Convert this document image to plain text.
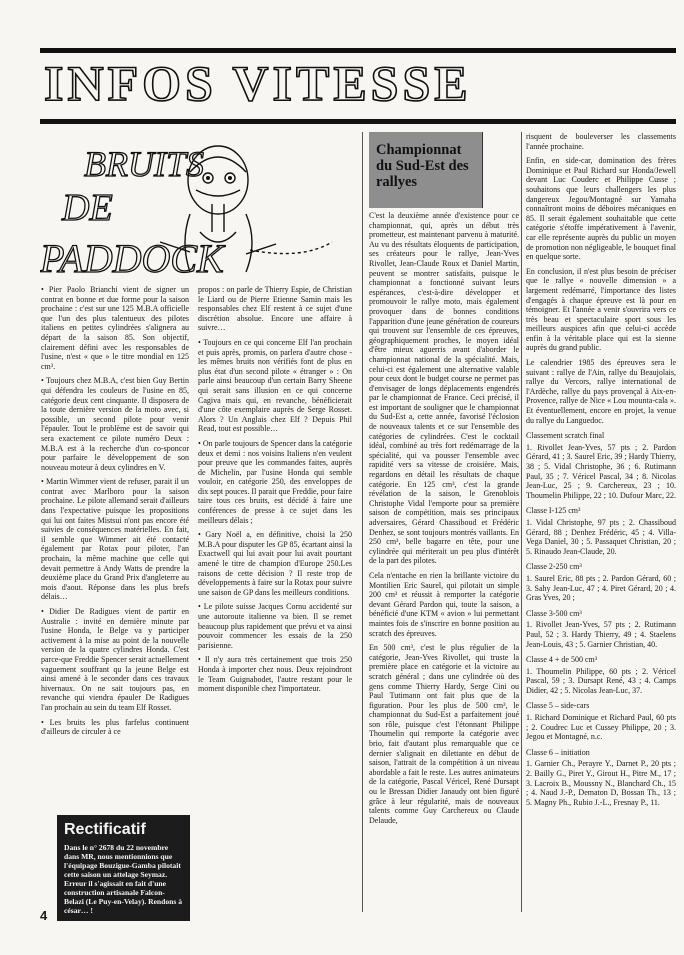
INFOS VITESSE
BRUITS
DE
PADDOCK

• Pier Paolo Brianchi vient de signer un contrat en bonne et due forme pour la saison prochaine : c'est sur une 125 M.B.A officielle que l'un des plus talentueux des pilotes italiens en petites cylindrées s'alignera au départ de la saison 85. Son objectif, clairement défini avec les responsables de l'usine, n'est « que » le titre mondial en 125 cm³.

• Toujours chez M.B.A, c'est bien Guy Bertin qui défendra les couleurs de l'usine en 85, catégorie deux cent cinquante. Il disposera de la toute dernière version de la moto avec, si possible, un second pilote pour venir l'épauler. Tout le problème est de savoir qui sera exactement ce pilote numéro Deux : M.B.A est à la recherche d'un co-sponcor pour parfaire le développement de son nouveau moteur à deux cylindres en V.

• Martin Wimmer vient de refuser, parait il un contrat avec Marlboro pour la saison prochaine. Le pilote allemand serait d'ailleurs dans l'expectative puisque les propositions qui lui ont faites Mistsui n'ont pas encore été suivies de conséquences matérielles. En fait, il semble que Wimmer ait été contacté également par Rotax pour piloter, l'an prochain, la même machine que celle qui devait permettre à Andy Watts de prendre la deuxième place du Grand Prix d'angleterre au mois d'aout. Réponse dans les plus brefs délais…

• Didier De Radigues vient de partir en Australie : invité en dernière minute par l'usine Honda, le Belge va y participer activement à la mise au point de la nouvelle version de la quatre cylindres Honda. C'est parce-que Freddie Spencer serait actuellement vaguement souffrant qu la jeune Belge est ainsi amené à le seconder dans ces travaux hivernaux. On ne sait toujours pas, en revanche qui viendra épauler De Radigues l'an prochain au sein du team Elf Rosset.

• Les bruits les plus farfelus continuent d'ailleurs de circuler à ce

Rectificatif

Dans le n° 2678 du 22 novembre dans MR, nous mentionnions que l'équipage Bouzigue-Gamba pilotait cette saison un attelage Seymaz. Erreur il s'agissait en fait d'une construction artisanale Falcon-Belazi (Le Puy-en-Velay). Rendons à césar… !

4

propos : on parle de Thierry Espie, de Christian le Liard ou de Pierre Etienne Samin mais les responsables chez Elf restent à ce sujet d'une discrétion absolue. Encore une affaire à suivre…

• Toujours en ce qui concerne Elf l'an prochain et puis après, promis, on parlera d'autre chose - les mêmes bruits non vérifiés font de plus en plus état d'un second pilote « étranger » : On parle ainsi beaucoup d'un certain Barry Sheene qui serait sans illusion en ce qui concerne Cagiva mais qui, en revanche, bénéficierait d'une côte exemplaire auprès de Serge Rosset. Alors ? Un Anglais chez Elf ? Depuis Phil Read, tout est possible…

• On parle toujours de Spencer dans la catégorie deux et demi : nos voisins Italiens n'en veulent pour preuve que les commandes faites, auprès de Michelin, par l'usine Honda qui semble vouloir, en catégorie 250, des enveloppes de dix sept pouces. Il parait que Freddie, pour faire taire tous ces bruits, est décidé à faire une conférences de presse à ce sujet dans les meilleurs délais ;

• Gary Noël a, en définitive, choisi la 250 M.B.A pour disputer les GP 85, écartant ainsi la Exactwell qui lui avait pour lui avait pourtant amené le titre de champion d'Europe 250.Les raisons de cette décision ? Il reste trop de développements à faire sur la Rotax pour suivre une saison de GP dans les meilleurs conditions.

• Le pilote suisse Jacques Cornu accidenté sur une autoroute italienne va bien. Il se remet beaucoup plus rapidement que prévu et va ainsi pouvoir commencer les essais de la 250 parisienne.

• Il n'y aura très certainement que trois 250 Honda à importer chez nous. Deux rejoindront le Team Guignabodet, l'autre restant pour le moment disponible chez l'importateur.

Championnat du Sud-Est des rallyes

C'est la deuxième année d'existence pour ce championnat, qui, après un début très prometteur, est maintenant parvenu à maturité. Au vu des résultats éloquents de participation, ses créateurs pour le rallye, Jean-Yves Rivollet, Jean-Claude Roux et Daniel Martin, peuvent se montrer satisfaits, puisque le championnat a fonctionné suivant leurs espérances, c'est-à-dire développer et promouvoir le rallye moto, mais également provoquer dans de bonnes conditions l'apparition d'une jeune génération de coureurs qui trouvent sur l'ensemble de ces épreuves, géographiquement proches, le moyen idéal d'être mieux aguerris avant d'aborder le championnat national de la spécialité. Mais, celui-ci est également une alternative valable pour ceux dont le budget course ne permet pas d'envisager de longs déplacements engendrés par le championnat de France. Ceci précisé, il est important de souligner que le championnat du Sud-Est a, cette année, favorisé l'éclosion de nouveaux talents et ce sur l'ensemble des catégories de cylindrées. C'est le cocktail idéal, combiné au très fort redémarrage de la spécialité, qui va pousser l'ensemble avec rapidité vers sa vitesse de croisière. Mais, regardons en détail les résultats de chaque catégorie. En 125 cm³, c'est la grande révélation de la saison, le Grenoblois Christophe Vidal l'emporte pour sa première saison de compétition, mais ses principaux adversaires, Gérard Chassiboud et Frédéric Denhez, se sont toujours montrés vaillants. En 250 cm³, belle bagarre en tête, pour une cylindrée qui mériterait un peu plus d'intérêt de la part des pilotes.

Cela n'entache en rien la brillante victoire du Montilien Eric Saurel, qui pilotait un simple 200 cm³ et réussit à remporter la catégorie devant Gérard Pardon qui, toute la saison, a bénéficié d'une KTM « avion » lui permettant maintes fois de s'inscrire en bonne position au scratch des épreuves.

En 500 cm³, c'est le plus régulier de la catégorie, Jean-Yves Rivollet, qui truste la première place en catégorie et la victoire au scratch général ; dans une cylindrée où des gens comme Thierry Hardy, Serge Cini ou Paul Tutimann ont fait plus que de la figuration. Pour les plus de 500 cm³, le championnat du Sud-Est a parfaitement joué son rôle, puisque c'est l'étonnant Philippe Thoumelin qui remporte la catégorie avec brio, fait d'autant plus remarquable que ce dernier s'alignait en dilettante en début de saison, l'attrait de la compétition à un niveau abordable a fait le reste. Les autres animateurs de la catégorie, Pascal Véricel, René Dursapt ou le Bressan Didier Janaudy ont bien figuré grâce à leur régularité, mais de nouveaux talents comme Guy Carchereux ou Claude Delaude,

risquent de bouleverser les classements l'année prochaine.

Enfin, en side-car, domination des frères Dominique et Paul Richard sur Honda/Jewell devant Luc Couderc et Philippe Cusse ; souhaitons que leurs challengers les plus dangereux Jegou/Montagné sur Yamaha connaîtront moins de déboires mécaniques en 85. Il serait également souhaitable que cette catégorie s'étoffe impérativement à l'avenir, car elle représente auprès du public un moyen de promotion non négligeable, le bouquet final en quelque sorte.

En conclusion, il n'est plus besoin de préciser que le rallye « nouvelle dimension » a largement redémarré, l'importance des listes d'engagés à chaque épreuve est là pour en témoigner. Et l'année a venir s'ouvrira vers ce très beau et spectaculaire sport sous les meilleurs auspices afin que celui-ci accède enfin à la véritable place qui est la sienne auprès du grand public.

Le calendrier 1985 des épreuves sera le suivant : rallye de l'Ain, rallye du Beaujolais, rallye du Vercors, rallye international de l'Ardèche, rallye du pays provençal à Aix-en-Provence, rallye de Nice « Lou mounta-cala ». Et éventuellement, encore en projet, la venue du rallye du Languedoc.

Classement scratch final

1. Rivollet Jean-Yves, 57 pts ; 2. Pardon Gérard, 41 ; 3. Saurel Eric, 39 ; Hardy Thierry, 38 ; 5. Vidal Christophe, 36 ; 6. Rutimann Paul, 35 ; 7. Véricel Pascal, 34 ; 8. Nicolas Jean-Luc, 25 ; 9. Carchereux, 23 ; 10. Thoumelin Philippe, 22 ; 10. Dufour Marc, 22.

Classe I-125 cm³

1. Vidal Christophe, 97 pts ; 2. Chassiboud Gérard, 88 ; Denhez Frédéric, 45 ; 4. Villa-Vega Daniel, 30 ; 5. Passaquet Christian, 20 ; 5. Rinaudo Jean-Claude, 20.

Classe 2-250 cm³

1. Saurel Eric, 88 pts ; 2. Pardon Gérard, 60 ; 3. Sahy Jean-Luc, 47 ; 4. Piret Gérard, 20 ; 4. Gras Yves, 20 ;

Classe 3-500 cm³

1. Rivollet Jean-Yves, 57 pts ; 2. Rutimann Paul, 52 ; 3. Hardy Thierry, 49 ; 4. Staelens Jean-Louis, 43 ; 5. Garnier Christian, 40.

Classe 4 + de 500 cm³

1. Thoumelin Philippe, 60 pts ; 2. Véricel Pascal, 59 ; 3. Dursapt René, 43 ; 4. Camps Didier, 42 ; 5. Nicolas Jean-Luc, 37.

Classe 5 – side-cars

1. Richard Dominique et Richard Paul, 60 pts ; 2. Coudrec Luc et Cussey Philippe, 20 ; 3. Jegou et Montagné, n.c.

Classe 6 – initiation

1. Garnier Ch., Perayre Y., Darnet P., 20 pts ; 2. Bailly G., Piret Y., Girout H., Pitre M., 17 ; 3. Lacroix B., Moussny N., Blanchard Ch., 15 ; 4. Naud J.-P., Dematon D, Bossan Th., 13 ; 5. Magny Ph., Rubio J.-L., Fresnay P., 11.
